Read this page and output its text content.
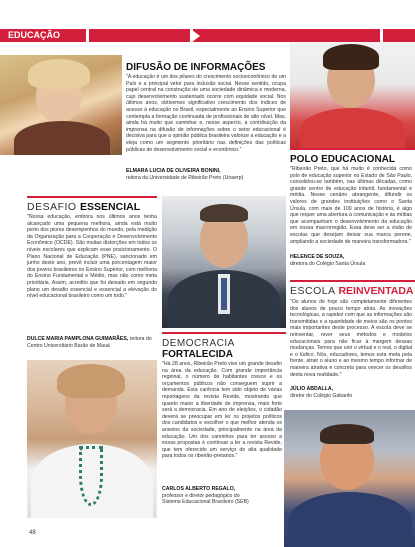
EDUCAÇÃO
DIFUSÃO DE INFORMAÇÕES
"A educação é um dos pilares do crescimento socioeconômico de um País e a principal vetor para inclusão social. Nesse sentido, ocupa papel central na construção de uma sociedade dinâmica e moderna, cujo desenvolvimento sustentado ocorre com equidade social. Nos últimos anos, obtivemos significativo crescimento dos índices de acesso à educação no Brasil, especialmente ao Ensino Superior que contempla a formação continuada de profissionais de alto nível. Mas, ainda há muito que caminhar e, nesse aspecto, a contribuição da imprensa na difusão de informações sobre o setor educacional é decisiva para que a opinião pública brasileira valorize a educação e a eleja como um segmento prioritário nas definições das políticas públicas de desenvolvimento social e econômico."
ELMARA LUCIA DE OLIVEIRA BONINI,
reitora da Universidade de Ribeirão Preto (Unaerp)
POLO EDUCACIONAL
"Ribeirão Preto, que há muito é conhecida como polo de educação superior no Estado de São Paulo, consolidou-se também, nas últimas décadas, como grande centro de educação infantil, fundamental e média. Nesse cenário abrangente, difundir os valores de grandes instituições como o Santa Úrsula, com mais de 100 anos de história, é algo que requer uma abertura à comunicação e às mídias que acompanham o desenvolvimento da educação em nossa macrorregião. Essa deve ser a visão de escolas que desejam deixar sua marca perene, ampliando a sociedade de maneira transformadora."
HELENCE DE SOUZA,
diretora do Colégio Santa Úrsula
DESAFIO ESSENCIAL
"Nossa educação, embora nos últimos anos tenha alcançado uma pequena melhora, ainda está muito perto dos piores desempenhos do mundo, pela medição da Organização para a Cooperação e Desenvolvimento Econômico (OCDE). São muitas distorções em todos os níveis escolares que explicam esse posicionamento. O Plano Nacional de Educação (PNE), sancionado em junho deste ano, prevê incluir uma porcentagem maior dos jovens brasileiros no Ensino Superior, com melhoria do Ensino Fundamental e Médio, mas não como meta prioritária. Assim, acredito que foi deixado em segundo plano um desafio essencial e essencial a elevação do nível educacional brasileiro como um todo."
DULCE MARIA PAMPLONA GUIMARÃES, reitora do
Centro Universitário Barão de Mauá	DEMOCRACIA
FORTALECIDA
"Há 28 anos, Ribeirão Preto vive um grande desafio na área da educação. Com grande importância regional, o número de habitantes cresce e os orçamentos públicos não conseguem suprir a demanda. Esta carência tem sido objeto de várias reportagens da revista Revide, mostrando que quanto maior a liberdade de imprensa, mais forte será a democracia. Em ano de eleições, o cidadão deverá se preocupar em ler os projetos políticos dos candidatos e escolher o que melhor atenda os anseios da sociedade, principalmente na área da educação. Um dos caminhos para ter acesso a essas propostas é continuar a ler a revista Revide, que tem oferecido um serviço de alta qualidade para todos os ribeirão-pretanos."
CARLOS ALBERTO REGALO,
professor e diretor pedagógico do
Sistema Educacional Brasileiro (SEB)
ESCOLA REINVENTADA
"Os alunos de hoje são completamente diferentes dos alunos de pouco tempo atrás. As inovações tecnológicas, a rapidez com que as informações são transmitidas e a quantidade de meios são os pontos mais importantes deste processo. A escola deve se reinventar, rever seus métodos e modelos educacionais para não ficar à margem dessas mudanças. Temos que unir o virtual e o real, o digital e o lúdico. Nós, educadores, temos esta meta pela frente, atrair o aluno e ao mesmo tempo informar de maneira atrativa e concreta para vencer os desafios desta nova realidade."
JÚLIO ABDALLA,
diretor do Colégio Gabarito
48
